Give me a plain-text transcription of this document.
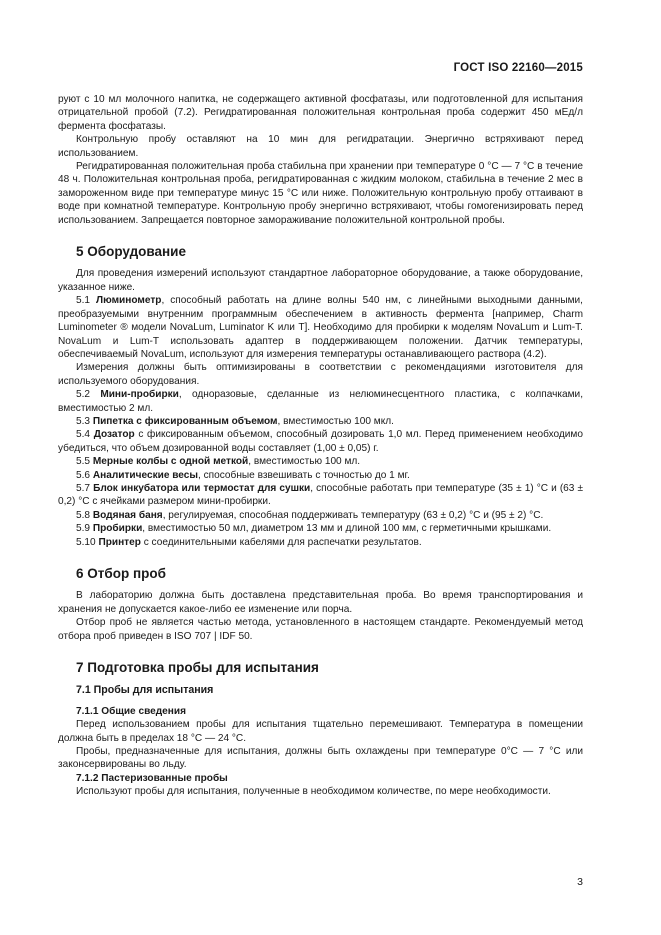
ГОСТ ISO 22160—2015

руют с 10 мл молочного напитка, не содержащего активной фосфатазы, или подготовленной для испытания отрицательной пробой (7.2). Регидратированная положительная контрольная проба содержит 450 мЕд/л фермента фосфатазы.

Контрольную пробу оставляют на 10 мин для регидратации. Энергично встряхивают перед использованием.

Регидратированная положительная проба стабильна при хранении при температуре 0 °С — 7 °С в течение 48 ч. Положительная контрольная проба, регидратированная с жидким молоком, стабильна в течение 2 мес в замороженном виде при температуре минус 15 °С или ниже. Положительную контрольную пробу оттаивают в воде при комнатной температуре. Контрольную пробу энергично встряхивают, чтобы гомогенизировать перед использованием. Запрещается повторное замораживание положительной контрольной пробы.

5 Оборудование

Для проведения измерений используют стандартное лабораторное оборудование, а также оборудование, указанное ниже.

5.1 Люминометр, способный работать на длине волны 540 нм, с линейными выходными данными, преобразуемыми внутренним программным обеспечением в активность фермента [например, Charm Luminometer ® модели NovaLum, Luminator K или T]. Необходимо для пробирки к моделям NovaLum и Lum-T. NovaLum и Lum-T использовать адаптер в поддерживающем положении. Датчик температуры, обеспечиваемый NovaLum, используют для измерения температуры останавливающего раствора (4.2).

Измерения должны быть оптимизированы в соответствии с рекомендациями изготовителя для используемого оборудования.

5.2 Мини-пробирки, одноразовые, сделанные из нелюминесцентного пластика, с колпачками, вместимостью 2 мл.

5.3 Пипетка с фиксированным объемом, вместимостью 100 мкл.

5.4 Дозатор с фиксированным объемом, способный дозировать 1,0 мл. Перед применением необходимо убедиться, что объем дозированной воды составляет (1,00 ± 0,05) г.

5.5 Мерные колбы с одной меткой, вместимостью 100 мл.

5.6 Аналитические весы, способные взвешивать с точностью до 1 мг.

5.7 Блок инкубатора или термостат для сушки, способные работать при температуре (35 ± 1) °С и (63 ± 0,2) °С с ячейками размером мини-пробирки.

5.8 Водяная баня, регулируемая, способная поддерживать температуру (63 ± 0,2) °С и (95 ± 2) °С.

5.9 Пробирки, вместимостью 50 мл, диаметром 13 мм и длиной 100 мм, с герметичными крышками.

5.10 Принтер с соединительными кабелями для распечатки результатов.

6 Отбор проб

В лабораторию должна быть доставлена представительная проба. Во время транспортирования и хранения не допускается какое-либо ее изменение или порча.

Отбор проб не является частью метода, установленного в настоящем стандарте. Рекомендуемый метод отбора проб приведен в ISO 707 | IDF 50.

7 Подготовка пробы для испытания
7.1 Пробы для испытания
7.1.1 Общие сведения

Перед использованием пробы для испытания тщательно перемешивают. Температура в помещении должна быть в пределах 18 °С — 24 °С.

Пробы, предназначенные для испытания, должны быть охлаждены при температуре 0°С — 7 °С или законсервированы во льду.

7.1.2 Пастеризованные пробы

Используют пробы для испытания, полученные в необходимом количестве, по мере необходимости.

3
